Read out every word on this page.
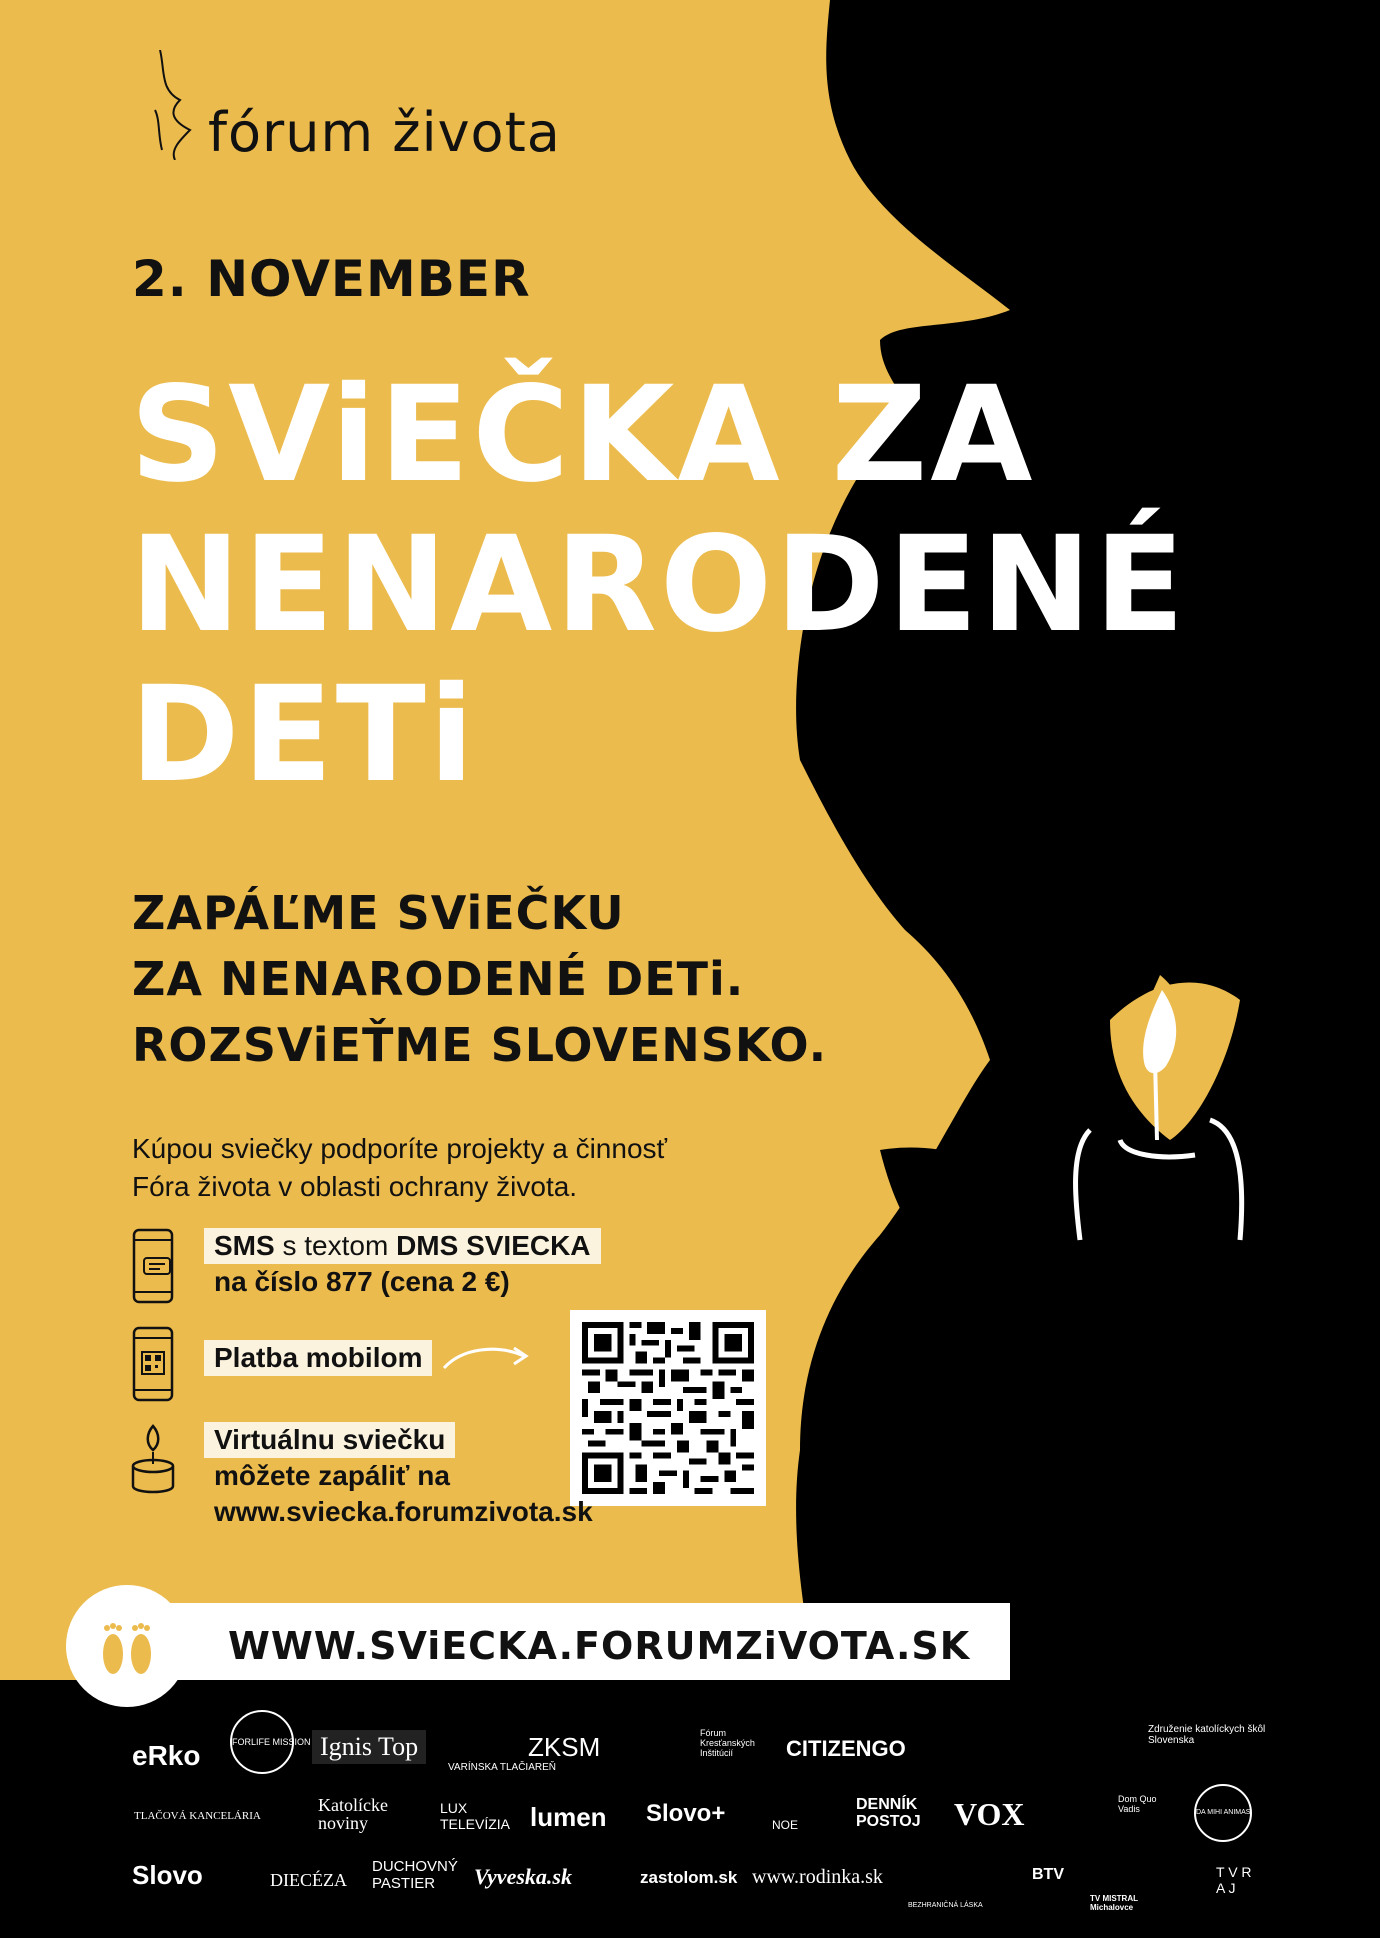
fórum života
2. NOVEMBER
SViEČKA ZA
NENARODENÉ
DETi
ZAPÁĽME SViEČKU
ZA NENARODENÉ DETi.
ROZSViEŤME SLOVENSKO.
Kúpou sviečky podporíte projekty a činnosť
Fóra života v oblasti ochrany života.
SMS s textom DMS SVIECKA
na číslo 877 (cena 2 €)
Platba mobilom
Virtuálnu sviečku
môžete zapáliť na
www.sviecka.forumzivota.sk
WWW.SViECKA.FORUMZiVOTA.SK
eRko	FORLIFE MISSION Ignis Top
VARÍNSKA TLAČIAREŇ
ZKSM	Fórum Kresťanských Inštitúcií	CITIZENGO
Združenie katolíckych škôl Slovenska
TLAČOVÁ KANCELÁRIA
Katolícke noviny
LUX TELEVÍZIA lumen Slovo+	NOE
DENNÍK POSTOJ VOX	Dom Quo Vadis	DA MIHI ANIMAS
Slovo	DIECÉZA
DUCHOVNÝ PASTIER	Vyveska.sk	zastolom.sk www.rodinka.sk
BEZHRANIČNÁ LÁSKA
BTV
TV MISTRAL Michalovce
T V R A J
